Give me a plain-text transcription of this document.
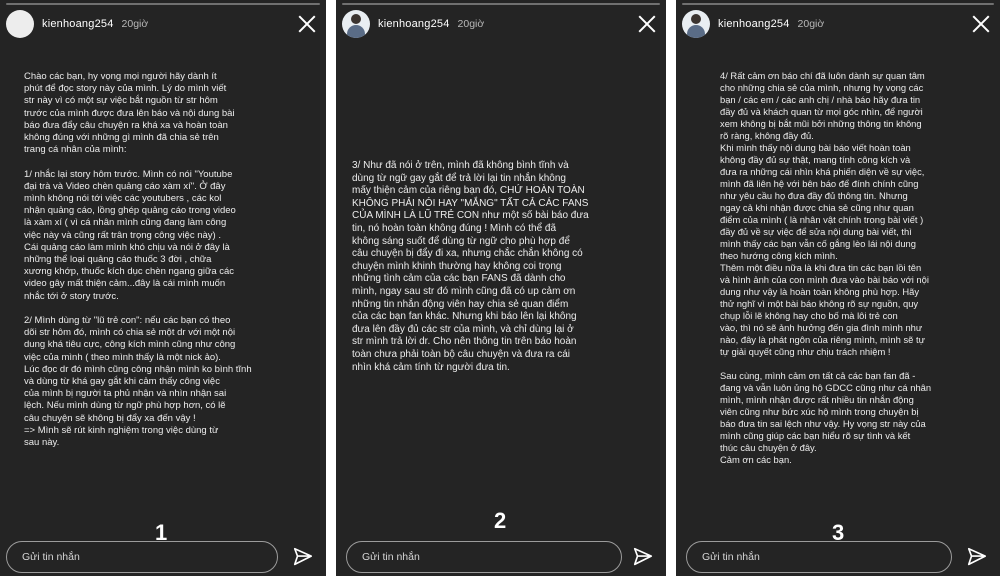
kienhoang254 20giờ

Chào các bạn, hy vọng mọi người hãy dành ít
phút để đọc story này của mình. Lý do mình viết
str này vì có một sự việc bắt nguồn từ str hôm
trước của mình được đưa lên báo và nội dung bài
báo đưa đẩy câu chuyện ra khá xa và hoàn toàn
không đúng với những gì mình đã chia sẻ trên
trang cá nhân của mình:

1/ nhắc lại story hôm trước. Mình có nói "Youtube
đại trà và Video chèn quảng cáo xàm xí". Ở đây
mình không nói tới việc các youtubers , các kol
nhận quảng cáo, lồng ghép quảng cáo trong video
là xàm xí ( vì cá nhân mình cũng đang làm công
việc này và cũng rất trân trọng công việc này) .
Cái quảng cáo làm mình khó chịu và nói ở đây là
những thể loại quảng cáo thuốc 3 đời , chữa
xương khớp, thuốc kích dục chèn ngang giữa các
video gây mất thiện cảm...đây là cái mình muốn
nhắc tới ở story trước.

2/ Mình dùng từ "lũ trẻ con": nếu các bạn có theo
dõi str hôm đó, mình có chia sẻ một dr với một nội
dung khá tiêu cực, công kích mình cũng như công
việc của mình ( theo mình thấy là một nick ảo).
Lúc đọc dr đó mình cũng công nhận mình ko bình tĩnh
và dùng từ khá gay gắt khi cảm thấy công việc
của mình bị người ta phủ nhận và nhìn nhận sai
lệch. Nếu mình dùng từ ngữ phù hợp hơn, có lẽ
câu chuyện sẽ không bị đẩy xa đến vậy !
=> Mình sẽ rút kinh nghiệm trong việc dùng từ
sau này.

1
Gửi tin nhắn
kienhoang254 20giờ

3/ Như đã nói ở trên, mình đã không bình tĩnh và
dùng từ ngữ gay gắt để trả lời lại tin nhắn không
mấy thiện cảm của riêng bạn đó, CHỨ HOÀN TOÀN
KHÔNG PHẢI NÓI HAY "MẮNG" TẤT CẢ CÁC FANS
CỦA MÌNH LÀ LŨ TRẺ CON như một số bài báo đưa
tin, nó hoàn toàn không đúng ! Mình có thể đã
không sáng suốt để dùng từ ngữ cho phù hợp để
câu chuyện bị đẩy đi xa, nhưng chắc chắn không có
chuyện mình khinh thường hay không coi trọng
những tình cảm của các bạn FANS đã dành cho
mình, ngay sau str đó mình cũng đã có up cảm ơn
những tin nhắn động viên hay chia sẻ quan điểm
của các bạn fan khác. Nhưng khi báo lên lại không
đưa lên đầy đủ các str của mình, và chỉ dùng lại ở
str mình trả lời dr. Cho nên thông tin trên báo hoàn
toàn chưa phải toàn bộ câu chuyện và đưa ra cái
nhìn khá cảm tính từ người đưa tin.

2
Gửi tin nhắn
kienhoang254 20giờ

4/ Rất cảm ơn báo chí đã luôn dành sự quan tâm
cho những chia sẻ của mình, nhưng hy vọng các
bạn / các em / các anh chị / nhà báo hãy đưa tin
đầy đủ và khách quan từ mọi góc nhìn, để người
xem không bị bắt mũi bởi những thông tin không
rõ ràng, không đầy đủ.
Khi mình thấy nội dung bài báo viết hoàn toàn
không đầy đủ sự thật, mang tính công kích và
đưa ra những cái nhìn khá phiến diện về sự việc,
mình đã liên hệ với bên báo để đính chính cũng
như yêu cầu họ đưa đầy đủ thông tin. Nhưng
ngay cả khi nhận được chia sẻ cũng như quan
điểm của mình ( là nhân vật chính trong bài viết )
đầy đủ về sự việc để sửa nội dung bài viết, thì
mình thấy các bạn vẫn cố gắng lèo lái nội dung
theo hướng công kích mình.
Thêm một điều nữa là khi đưa tin các bạn lồi tên
và hình ảnh của con mình đưa vào bài báo với nội
dung như vậy là hoàn toàn không phù hợp. Hãy
thử nghĩ vì một bài báo không rõ sự nguồn, quy
chụp lỗi lẽ không hay cho bố mà lôi trẻ con
vào, thì nó sẽ ảnh hưởng đến gia đình mình như
nào, đây là phát ngôn của riêng mình, mình sẽ tự
tự giải quyết cũng như chịu trách nhiệm !

Sau cùng, mình cảm ơn tất cả các bạn fan đã -
đang và vẫn luôn ủng hộ GDCC cũng như cá nhân
mình, mình nhận được rất nhiều tin nhắn động
viên cũng như bức xúc hộ mình trong chuyện bị
báo đưa tin sai lệch như vậy. Hy vọng str này của
mình cũng giúp các bạn hiểu rõ sự tình và kết
thúc câu chuyện ở đây.
Cảm ơn các bạn.

3
Gửi tin nhắn
